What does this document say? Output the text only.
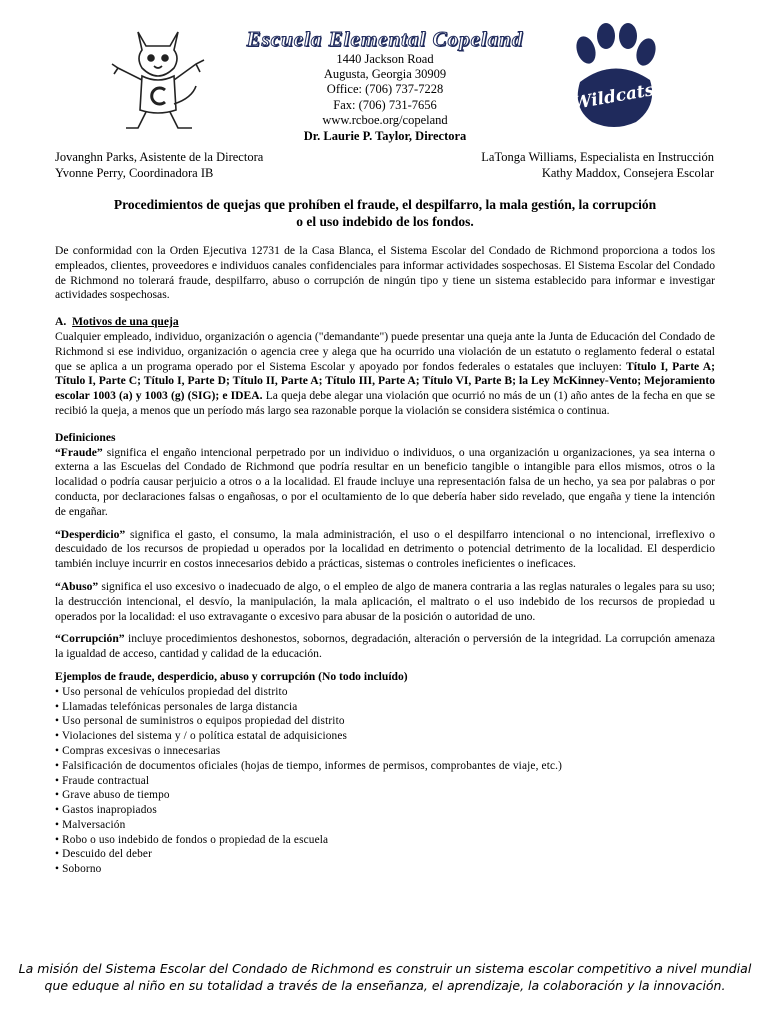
Wildcats
Escuela Elemental Copeland
1440 Jackson Road
Augusta, Georgia 30909
Office: (706) 737-7228
Fax: (706) 731-7656
www.rcboe.org/copeland
Dr. Laurie P. Taylor, Directora
Jovanghn Parks, Asistente de la Directora
Yvonne Perry, Coordinadora IB
LaTonga Williams, Especialista en Instrucción
Kathy Maddox, Consejera Escolar
Procedimientos de quejas que prohíben el fraude, el despilfarro, la mala gestión, la corrupción
o el uso indebido de los fondos.

De conformidad con la Orden Ejecutiva 12731 de la Casa Blanca, el Sistema Escolar del Condado de Richmond proporciona a todos los empleados, clientes, proveedores e individuos canales confidenciales para informar actividades sospechosas. El Sistema Escolar del Condado de Richmond no tolerará fraude, despilfarro, abuso o corrupción de ningún tipo y tiene un sistema establecido para informar e investigar actividades sospechosas.

A. Motivos de una queja

Cualquier empleado, individuo, organización o agencia ("demandante") puede presentar una queja ante la Junta de Educación del Condado de Richmond si ese individuo, organización o agencia cree y alega que ha ocurrido una violación de un estatuto o reglamento federal o estatal que se aplica a un programa operado por el Sistema Escolar y apoyado por fondos federales o estatales que incluyen: Título I, Parte A; Título I, Parte C; Título I, Parte D; Título II, Parte A; Título III, Parte A; Título VI, Parte B; la Ley McKinney-Vento; Mejoramiento escolar 1003 (a) y 1003 (g) (SIG); e IDEA. La queja debe alegar una violación que ocurrió no más de un (1) año antes de la fecha en que se recibió la queja, a menos que un período más largo sea razonable porque la violación se considera sistémica o continua.

Definiciones

“Fraude” significa el engaño intencional perpetrado por un individuo o individuos, o una organización u organizaciones, ya sea interna o externa a las Escuelas del Condado de Richmond que podría resultar en un beneficio tangible o intangible para ellos mismos, otros o la localidad o podría causar perjuicio a otros o a la localidad. El fraude incluye una representación falsa de un hecho, ya sea por palabras o por conducta, por declaraciones falsas o engañosas, o por el ocultamiento de lo que debería haber sido revelado, que engaña y tiene la intención de engañar.

“Desperdicio” significa el gasto, el consumo, la mala administración, el uso o el despilfarro intencional o no intencional, irreflexivo o descuidado de los recursos de propiedad u operados por la localidad en detrimento o potencial detrimento de la localidad. El desperdicio también incluye incurrir en costos innecesarios debido a prácticas, sistemas o controles ineficientes o ineficaces.

“Abuso” significa el uso excesivo o inadecuado de algo, o el empleo de algo de manera contraria a las reglas naturales o legales para su uso; la destrucción intencional, el desvío, la manipulación, la mala aplicación, el maltrato o el uso indebido de los recursos de propiedad u operados por la localidad: el uso extravagante o excesivo para abusar de la posición o autoridad de uno.

“Corrupción” incluye procedimientos deshonestos, sobornos, degradación, alteración o perversión de la integridad. La corrupción amenaza la igualdad de acceso, cantidad y calidad de la educación.

Ejemplos de fraude, desperdicio, abuso y corrupción (No todo incluído)

• Uso personal de vehículos propiedad del distrito
• Llamadas telefónicas personales de larga distancia
• Uso personal de suministros o equipos propiedad del distrito
• Violaciones del sistema y / o política estatal de adquisiciones
• Compras excesivas o innecesarias
• Falsificación de documentos oficiales (hojas de tiempo, informes de permisos, comprobantes de viaje, etc.)
• Fraude contractual
• Grave abuso de tiempo
• Gastos inapropiados
• Malversación
• Robo o uso indebido de fondos o propiedad de la escuela
• Descuido del deber
• Soborno
La misión del Sistema Escolar del Condado de Richmond es construir un sistema escolar competitivo a nivel mundial
que eduque al niño en su totalidad a través de la enseñanza, el aprendizaje, la colaboración y la innovación.
